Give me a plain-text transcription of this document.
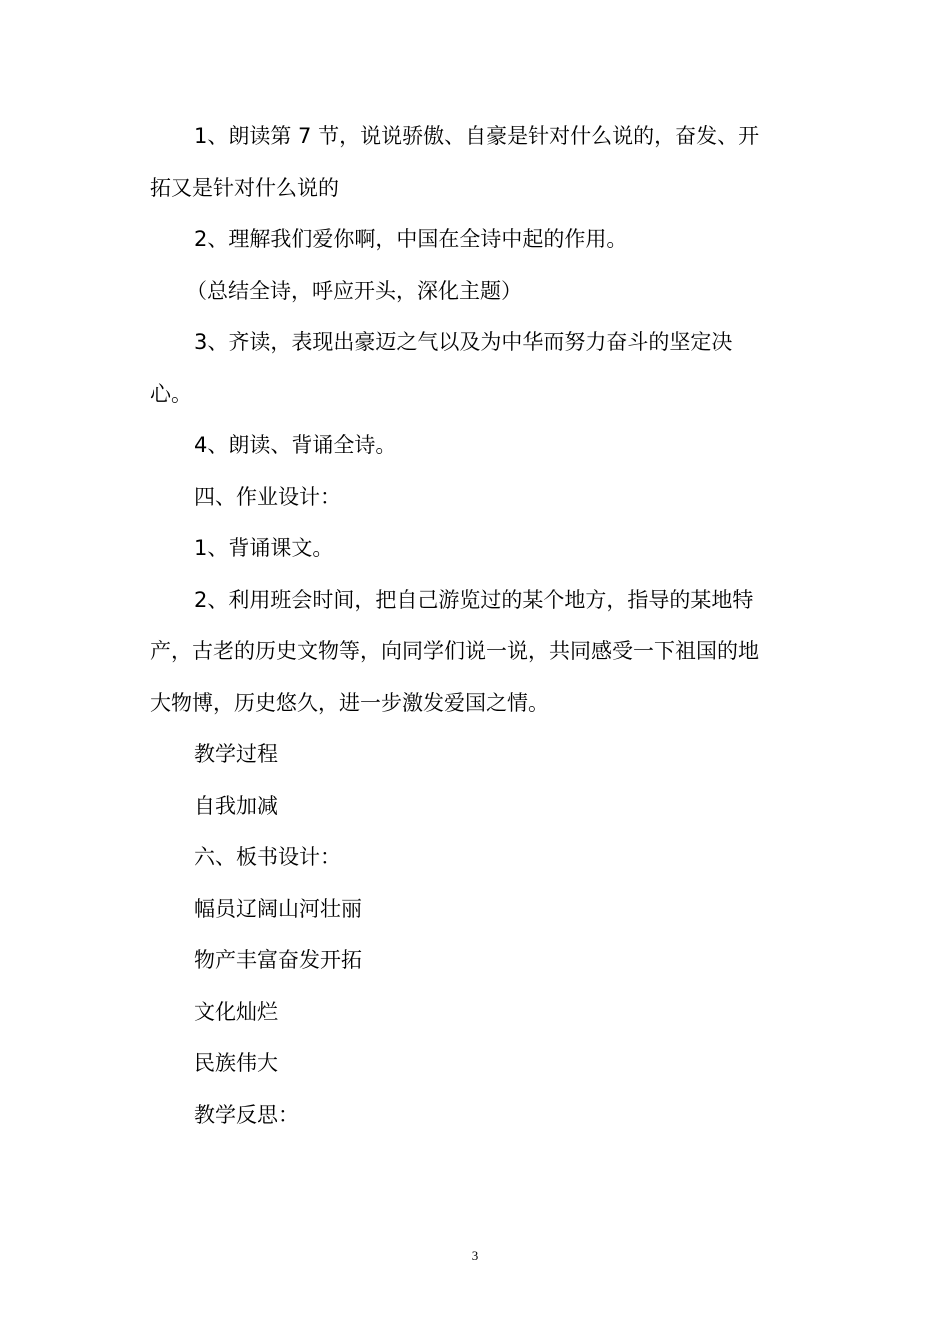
1、朗读第 7 节，说说骄傲、自豪是针对什么说的，奋发、开
拓又是针对什么说的
2、理解我们爱你啊，中国在全诗中起的作用。
（总结全诗，呼应开头，深化主题）
3、齐读，表现出豪迈之气以及为中华而努力奋斗的坚定决
心。
4、朗读、背诵全诗。
四、作业设计：
1、背诵课文。
2、利用班会时间，把自己游览过的某个地方，指导的某地特
产，古老的历史文物等，向同学们说一说，共同感受一下祖国的地
大物博，历史悠久，进一步激发爱国之情。
教学过程
自我加减
六、板书设计：
幅员辽阔山河壮丽
物产丰富奋发开拓
文化灿烂
民族伟大
教学反思：
3
